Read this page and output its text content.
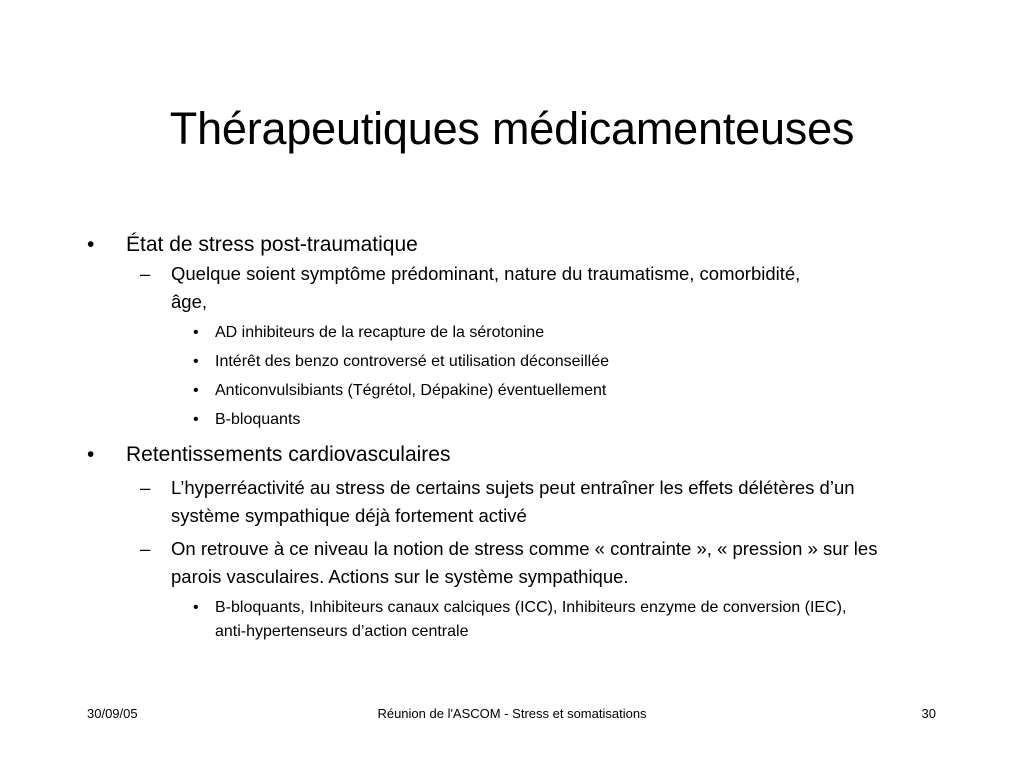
Thérapeutiques médicamenteuses
• État de stress post-traumatique
– Quelque soient symptôme prédominant, nature du traumatisme, comorbidité, âge,
• AD inhibiteurs de la recapture de la sérotonine
• Intérêt des benzo controversé et utilisation déconseillée
• Anticonvulsibiants (Tégrétol, Dépakine) éventuellement
• B-bloquants
• Retentissements cardiovasculaires
– L’hyperréactivité au stress de certains sujets peut entraîner les effets délétères d’un système sympathique déjà fortement activé
– On retrouve à ce niveau la notion de stress comme « contrainte », « pression » sur les parois vasculaires. Actions sur le système sympathique.
• B-bloquants, Inhibiteurs canaux calciques (ICC), Inhibiteurs enzyme de conversion (IEC), anti-hypertenseurs d’action centrale
30/09/05	Réunion de l'ASCOM - Stress et somatisations	30
